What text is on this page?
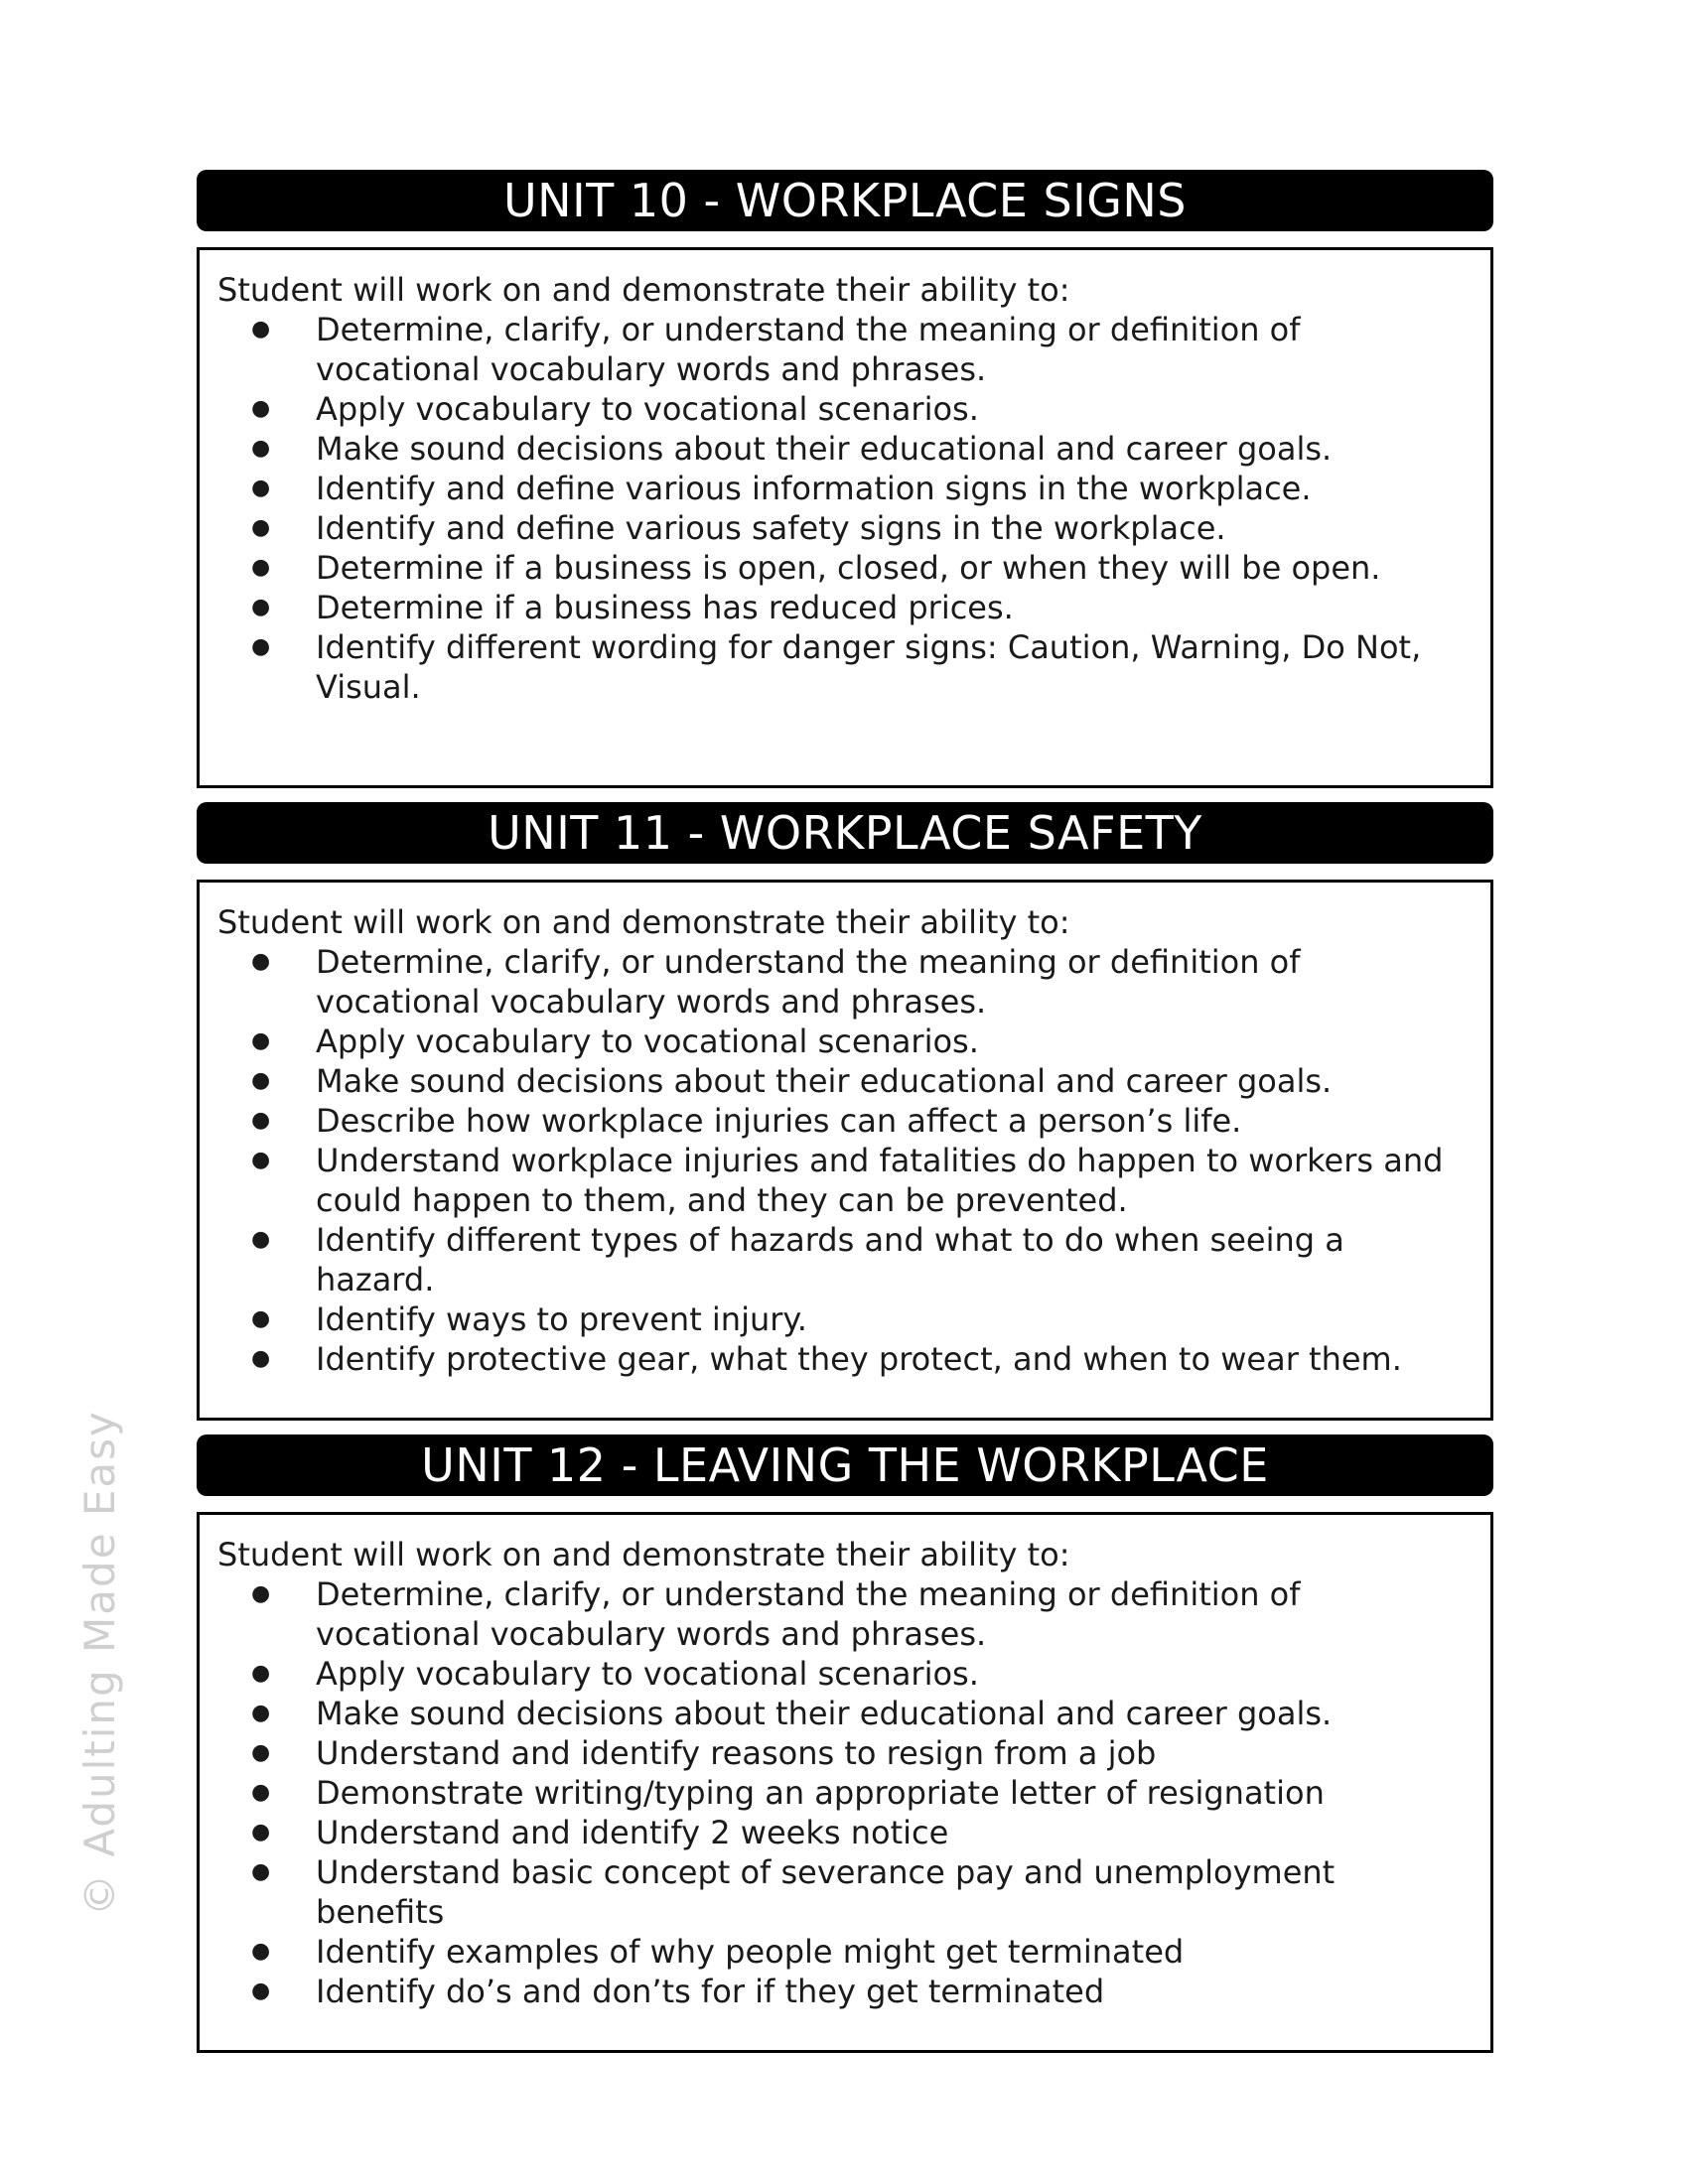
UNIT 10 - WORKPLACE SIGNS

Student will work on and demonstrate their ability to:

● Determine, clarify, or understand the meaning or definition of vocational vocabulary words and phrases.
● Apply vocabulary to vocational scenarios.
● Make sound decisions about their educational and career goals.
● Identify and define various information signs in the workplace.
● Identify and define various safety signs in the workplace.
● Determine if a business is open, closed, or when they will be open.
● Determine if a business has reduced prices.
● Identify different wording for danger signs: Caution, Warning, Do Not, Visual.
UNIT 11 - WORKPLACE SAFETY

Student will work on and demonstrate their ability to:

● Determine, clarify, or understand the meaning or definition of vocational vocabulary words and phrases.
● Apply vocabulary to vocational scenarios.
● Make sound decisions about their educational and career goals.
● Describe how workplace injuries can affect a person’s life.
● Understand workplace injuries and fatalities do happen to workers and could happen to them, and they can be prevented.
● Identify different types of hazards and what to do when seeing a hazard.
● Identify ways to prevent injury.
● Identify protective gear, what they protect, and when to wear them.
UNIT 12 - LEAVING THE WORKPLACE

Student will work on and demonstrate their ability to:

● Determine, clarify, or understand the meaning or definition of vocational vocabulary words and phrases.
● Apply vocabulary to vocational scenarios.
● Make sound decisions about their educational and career goals.
● Understand and identify reasons to resign from a job
● Demonstrate writing/typing an appropriate letter of resignation
● Understand and identify 2 weeks notice
● Understand basic concept of severance pay and unemployment benefits
● Identify examples of why people might get terminated
● Identify do’s and don’ts for if they get terminated
© Adulting Made Easy
